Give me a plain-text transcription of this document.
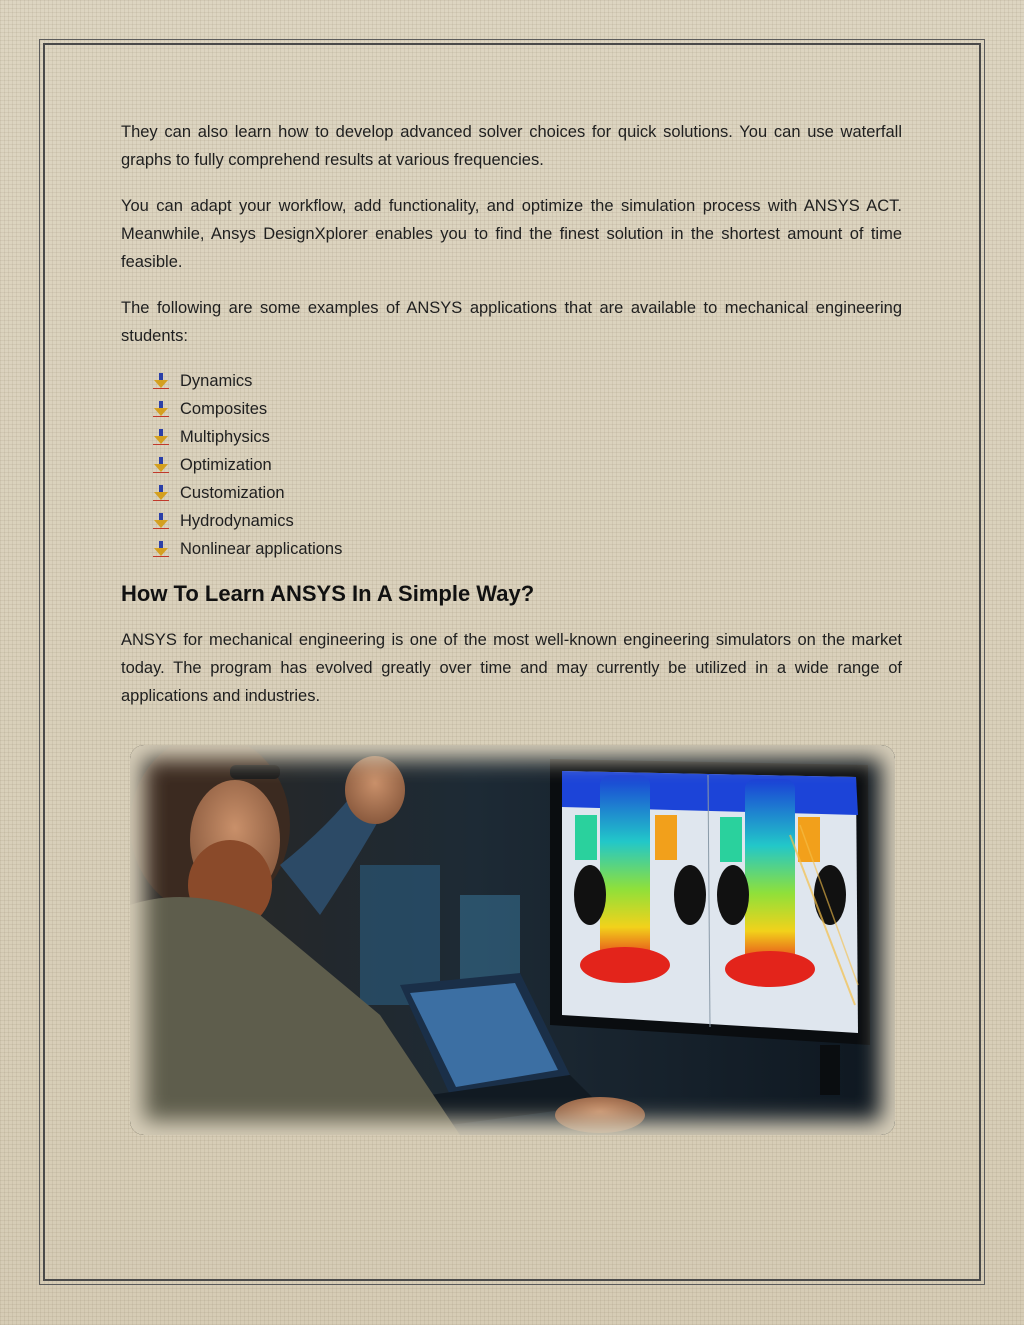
They can also learn how to develop advanced solver choices for quick solutions. You can use waterfall graphs to fully comprehend results at various frequencies.

You can adapt your workflow, add functionality, and optimize the simulation process with ANSYS ACT. Meanwhile, Ansys DesignXplorer enables you to find the finest solution in the shortest amount of time feasible.

The following are some examples of ANSYS applications that are available to mechanical engineering students:

Dynamics
Composites
Multiphysics
Optimization
Customization
Hydrodynamics
Nonlinear applications
How To Learn ANSYS In A Simple Way?

ANSYS for mechanical engineering is one of the most well-known engineering simulators on the market today. The program has evolved greatly over time and may currently be utilized in a wide range of applications and industries.
